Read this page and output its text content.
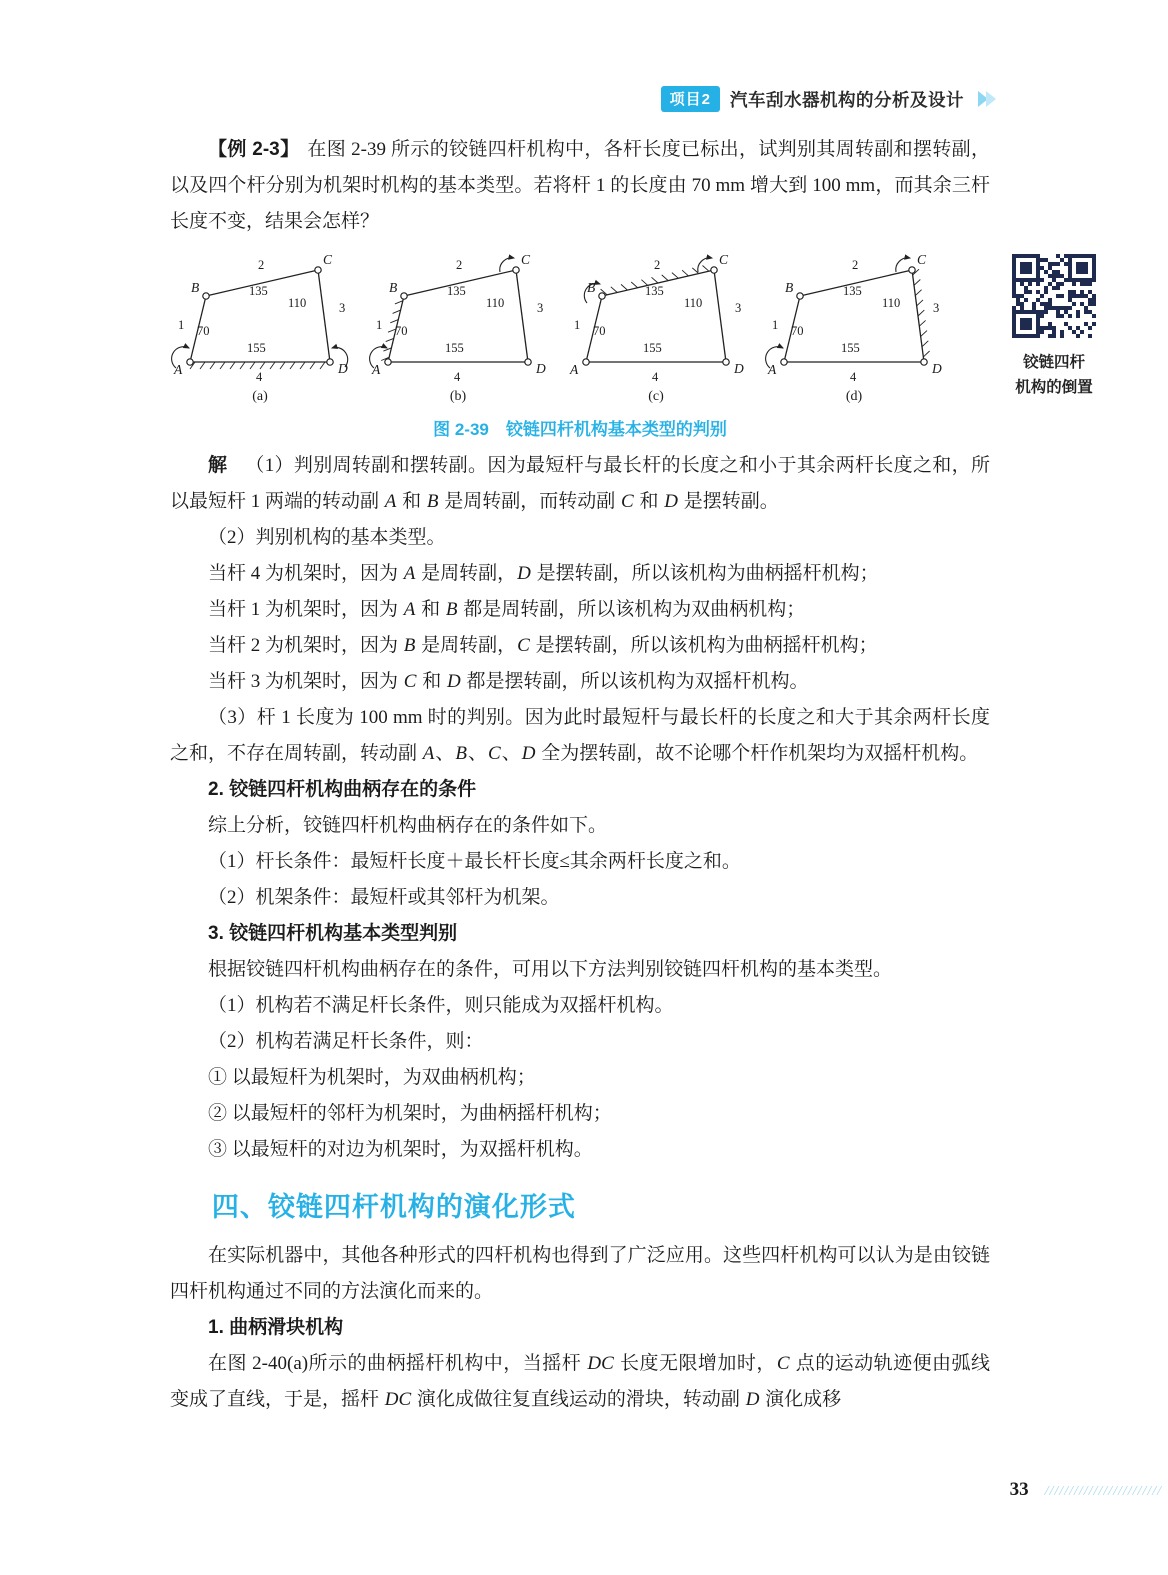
项目2	汽车刮水器机构的分析及设计

【例 2-3】 在图 2-39 所示的铰链四杆机构中，各杆长度已标出，试判别其周转副和摆转副，以及四个杆分别为机架时机构的基本类型。若将杆 1 的长度由 70 mm 增大到 100 mm，而其余三杆长度不变，结果会怎样？

A
B
C
D
2
135
3
110
1 70
155
4
(a)
A
B
C
D
2
135
3
110
1 70
155
4
(b)
A
B
C
D
2
135
3
110
1 70
155
4
(c)
A
B
C
D
2
135
3
110
1 70
155
4
(d)
铰链四杆
机构的倒置

图 2-39　铰链四杆机构基本类型的判别

解 （1）判别周转副和摆转副。因为最短杆与最长杆的长度之和小于其余两杆长度之和，所以最短杆 1 两端的转动副 A 和 B 是周转副，而转动副 C 和 D 是摆转副。

（2）判别机构的基本类型。

当杆 4 为机架时，因为 A 是周转副，D 是摆转副，所以该机构为曲柄摇杆机构；

当杆 1 为机架时，因为 A 和 B 都是周转副，所以该机构为双曲柄机构；

当杆 2 为机架时，因为 B 是周转副，C 是摆转副，所以该机构为曲柄摇杆机构；

当杆 3 为机架时，因为 C 和 D 都是摆转副，所以该机构为双摇杆机构。

（3）杆 1 长度为 100 mm 时的判别。因为此时最短杆与最长杆的长度之和大于其余两杆长度之和，不存在周转副，转动副 A、B、C、D 全为摆转副，故不论哪个杆作机架均为双摇杆机构。

2. 铰链四杆机构曲柄存在的条件

综上分析，铰链四杆机构曲柄存在的条件如下。

（1）杆长条件：最短杆长度＋最长杆长度≤其余两杆长度之和。

（2）机架条件：最短杆或其邻杆为机架。

3. 铰链四杆机构基本类型判别

根据铰链四杆机构曲柄存在的条件，可用以下方法判别铰链四杆机构的基本类型。

（1）机构若不满足杆长条件，则只能成为双摇杆机构。

（2）机构若满足杆长条件，则：

① 以最短杆为机架时，为双曲柄机构；

② 以最短杆的邻杆为机架时，为曲柄摇杆机构；

③ 以最短杆的对边为机架时，为双摇杆机构。

四、铰链四杆机构的演化形式

在实际机器中，其他各种形式的四杆机构也得到了广泛应用。这些四杆机构可以认为是由铰链四杆机构通过不同的方法演化而来的。

1. 曲柄滑块机构

在图 2-40(a)所示的曲柄摇杆机构中，当摇杆 DC 长度无限增加时，C 点的运动轨迹便由弧线变成了直线，于是，摇杆 DC 演化成做往复直线运动的滑块，转动副 D 演化成移

33 ////////////////////////
